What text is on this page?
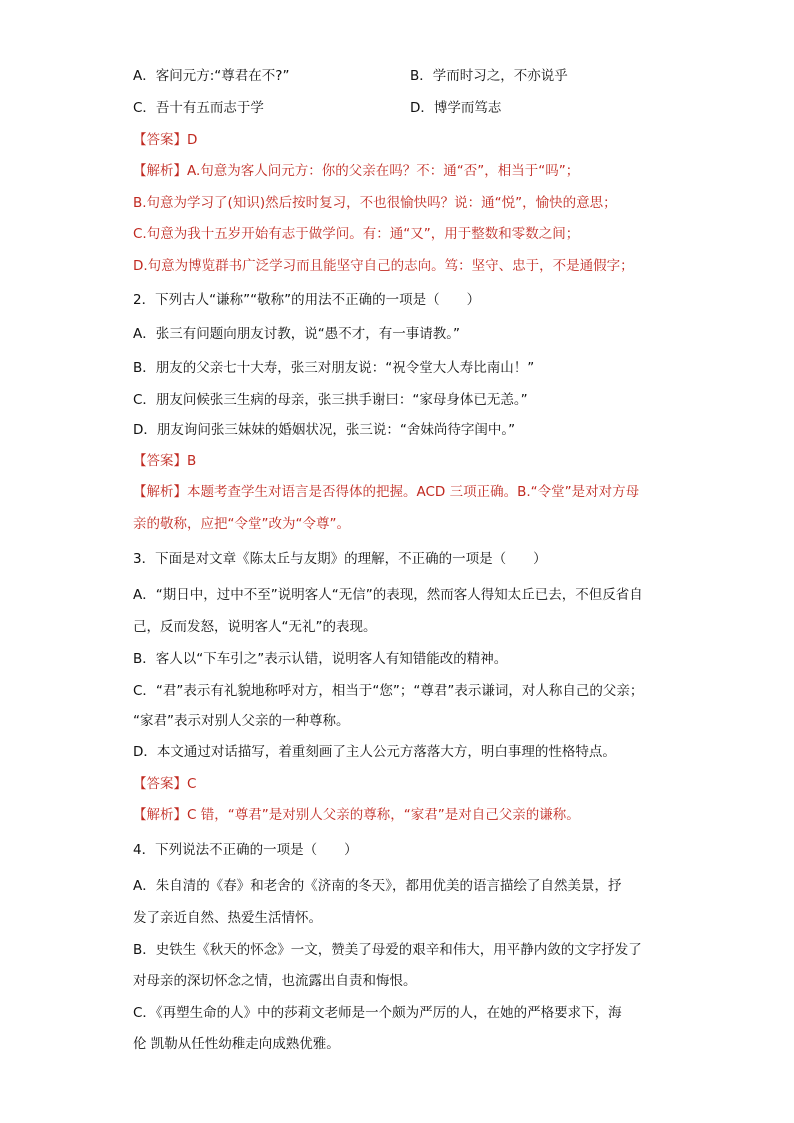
A．客问元方:“尊君在不?”	B．学而时习之，不亦说乎
C．吾十有五而志于学	D．博学而笃志
【答案】D
【解析】A.句意为客人问元方：你的父亲在吗？不：通“否”，相当于“吗”；
B.句意为学习了(知识)然后按时复习，不也很愉快吗？说：通“悦”，愉快的意思；
C.句意为我十五岁开始有志于做学问。有：通“又”，用于整数和零数之间；
D.句意为博览群书广泛学习而且能坚守自己的志向。笃：坚守、忠于，不是通假字；
2．下列古人“谦称”“敬称”的用法不正确的一项是（　　）
A．张三有问题向朋友讨教，说“愚不才，有一事请教。”
B．朋友的父亲七十大寿，张三对朋友说：“祝令堂大人寿比南山！”
C．朋友问候张三生病的母亲，张三拱手谢曰：“家母身体已无恙。”
D．朋友询问张三妹妹的婚姻状况，张三说：“舍妹尚待字闺中。”
【答案】B
【解析】本题考查学生对语言是否得体的把握。ACD 三项正确。B.“令堂”是对对方母
亲的敬称，应把“令堂”改为“令尊”。
3．下面是对文章《陈太丘与友期》的理解，不正确的一项是（　　）
A．“期日中，过中不至”说明客人“无信”的表现，然而客人得知太丘已去，不但反省自
己，反而发怒，说明客人“无礼”的表现。
B．客人以“下车引之”表示认错，说明客人有知错能改的精神。
C．“君”表示有礼貌地称呼对方，相当于“您”；“尊君”表示谦词，对人称自己的父亲；
“家君”表示对别人父亲的一种尊称。
D．本文通过对话描写，着重刻画了主人公元方落落大方，明白事理的性格特点。
【答案】C
【解析】C 错，“尊君”是对别人父亲的尊称，“家君”是对自己父亲的谦称。
4．下列说法不正确的一项是（　　）
A．朱自清的《春》和老舍的《济南的冬天》，都用优美的语言描绘了自然美景，抒
发了亲近自然、热爱生活情怀。
B．史铁生《秋天的怀念》一文，赞美了母爱的艰辛和伟大，用平静内敛的文字抒发了
对母亲的深切怀念之情，也流露出自责和悔恨。
C．《再塑生命的人》中的莎莉文老师是一个颇为严厉的人，在她的严格要求下，海
伦 凯勒从任性幼稚走向成熟优雅。
